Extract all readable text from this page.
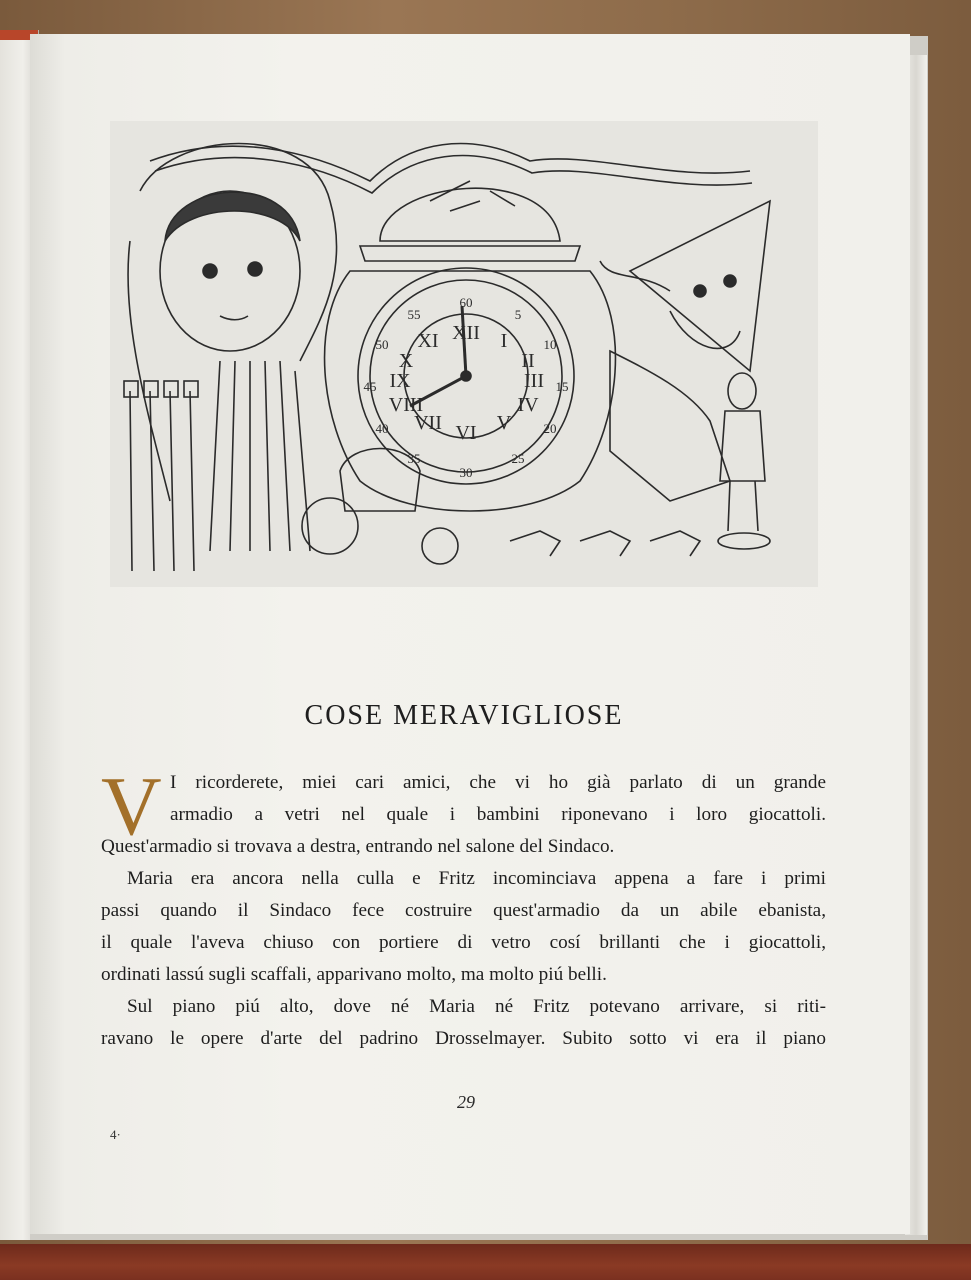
XII I
II
III
IV
V
VI
VII
VIII
IX
X
XI
60
5
10
15
20
25
30
35
40
45
50
55
COSE MERAVIGLIOSE
V I ricorderete, miei cari amici, che vi ho già parlato di un grande
armadio a vetri nel quale i bambini riponevano i loro giocattoli.
Quest'armadio si trovava a destra, entrando nel salone del Sindaco.
Maria era ancora nella culla e Fritz incominciava appena a fare i primi
passi quando il Sindaco fece costruire quest'armadio da un abile ebanista,
il quale l'aveva chiuso con portiere di vetro cosí brillanti che i giocattoli,
ordinati lassú sugli scaffali, apparivano molto, ma molto piú belli.
Sul piano piú alto, dove né Maria né Fritz potevano arrivare, si riti-
ravano le opere d'arte del padrino Drosselmayer. Subito sotto vi era il piano
29
4·
